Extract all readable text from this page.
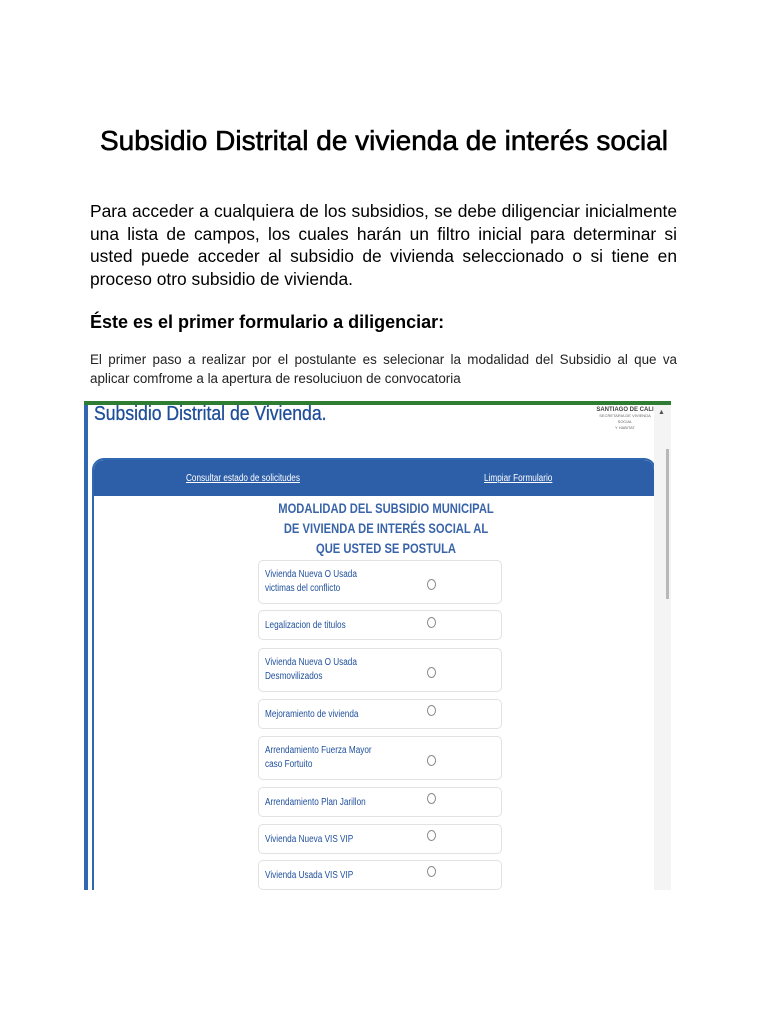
Subsidio Distrital de vivienda de interés social

Para acceder a cualquiera de los subsidios, se debe diligenciar inicialmente una lista de campos, los cuales harán un filtro inicial para determinar si usted puede acceder al subsidio de vivienda seleccionado o si tiene en proceso otro subsidio de vivienda.

Éste es el primer formulario a diligenciar:

El primer paso a realizar por el postulante es selecionar la modalidad del Subsidio al que va aplicar comfrome a la apertura de resoluciuon de convocatoria

Subsidio Distrital de Vivienda.	SANTIAGO DE CALI
SECRETARIA DE VIVIENDA SOCIAL
Y HABITAT
Consultar estado de solicitudes	Limpiar Formulario
MODALIDAD DEL SUBSIDIO MUNICIPAL DE VIVIENDA DE INTERÉS SOCIAL AL QUE USTED SE POSTULA
Vivienda Nueva O Usada
victimas del conflicto
Legalizacion de titulos
Vivienda Nueva O Usada
Desmovilizados
Mejoramiento de vivienda
Arrendamiento Fuerza Mayor
caso Fortuito
Arrendamiento Plan Jarillon
Vivienda Nueva VIS VIP
Vivienda Usada VIS VIP
▲
